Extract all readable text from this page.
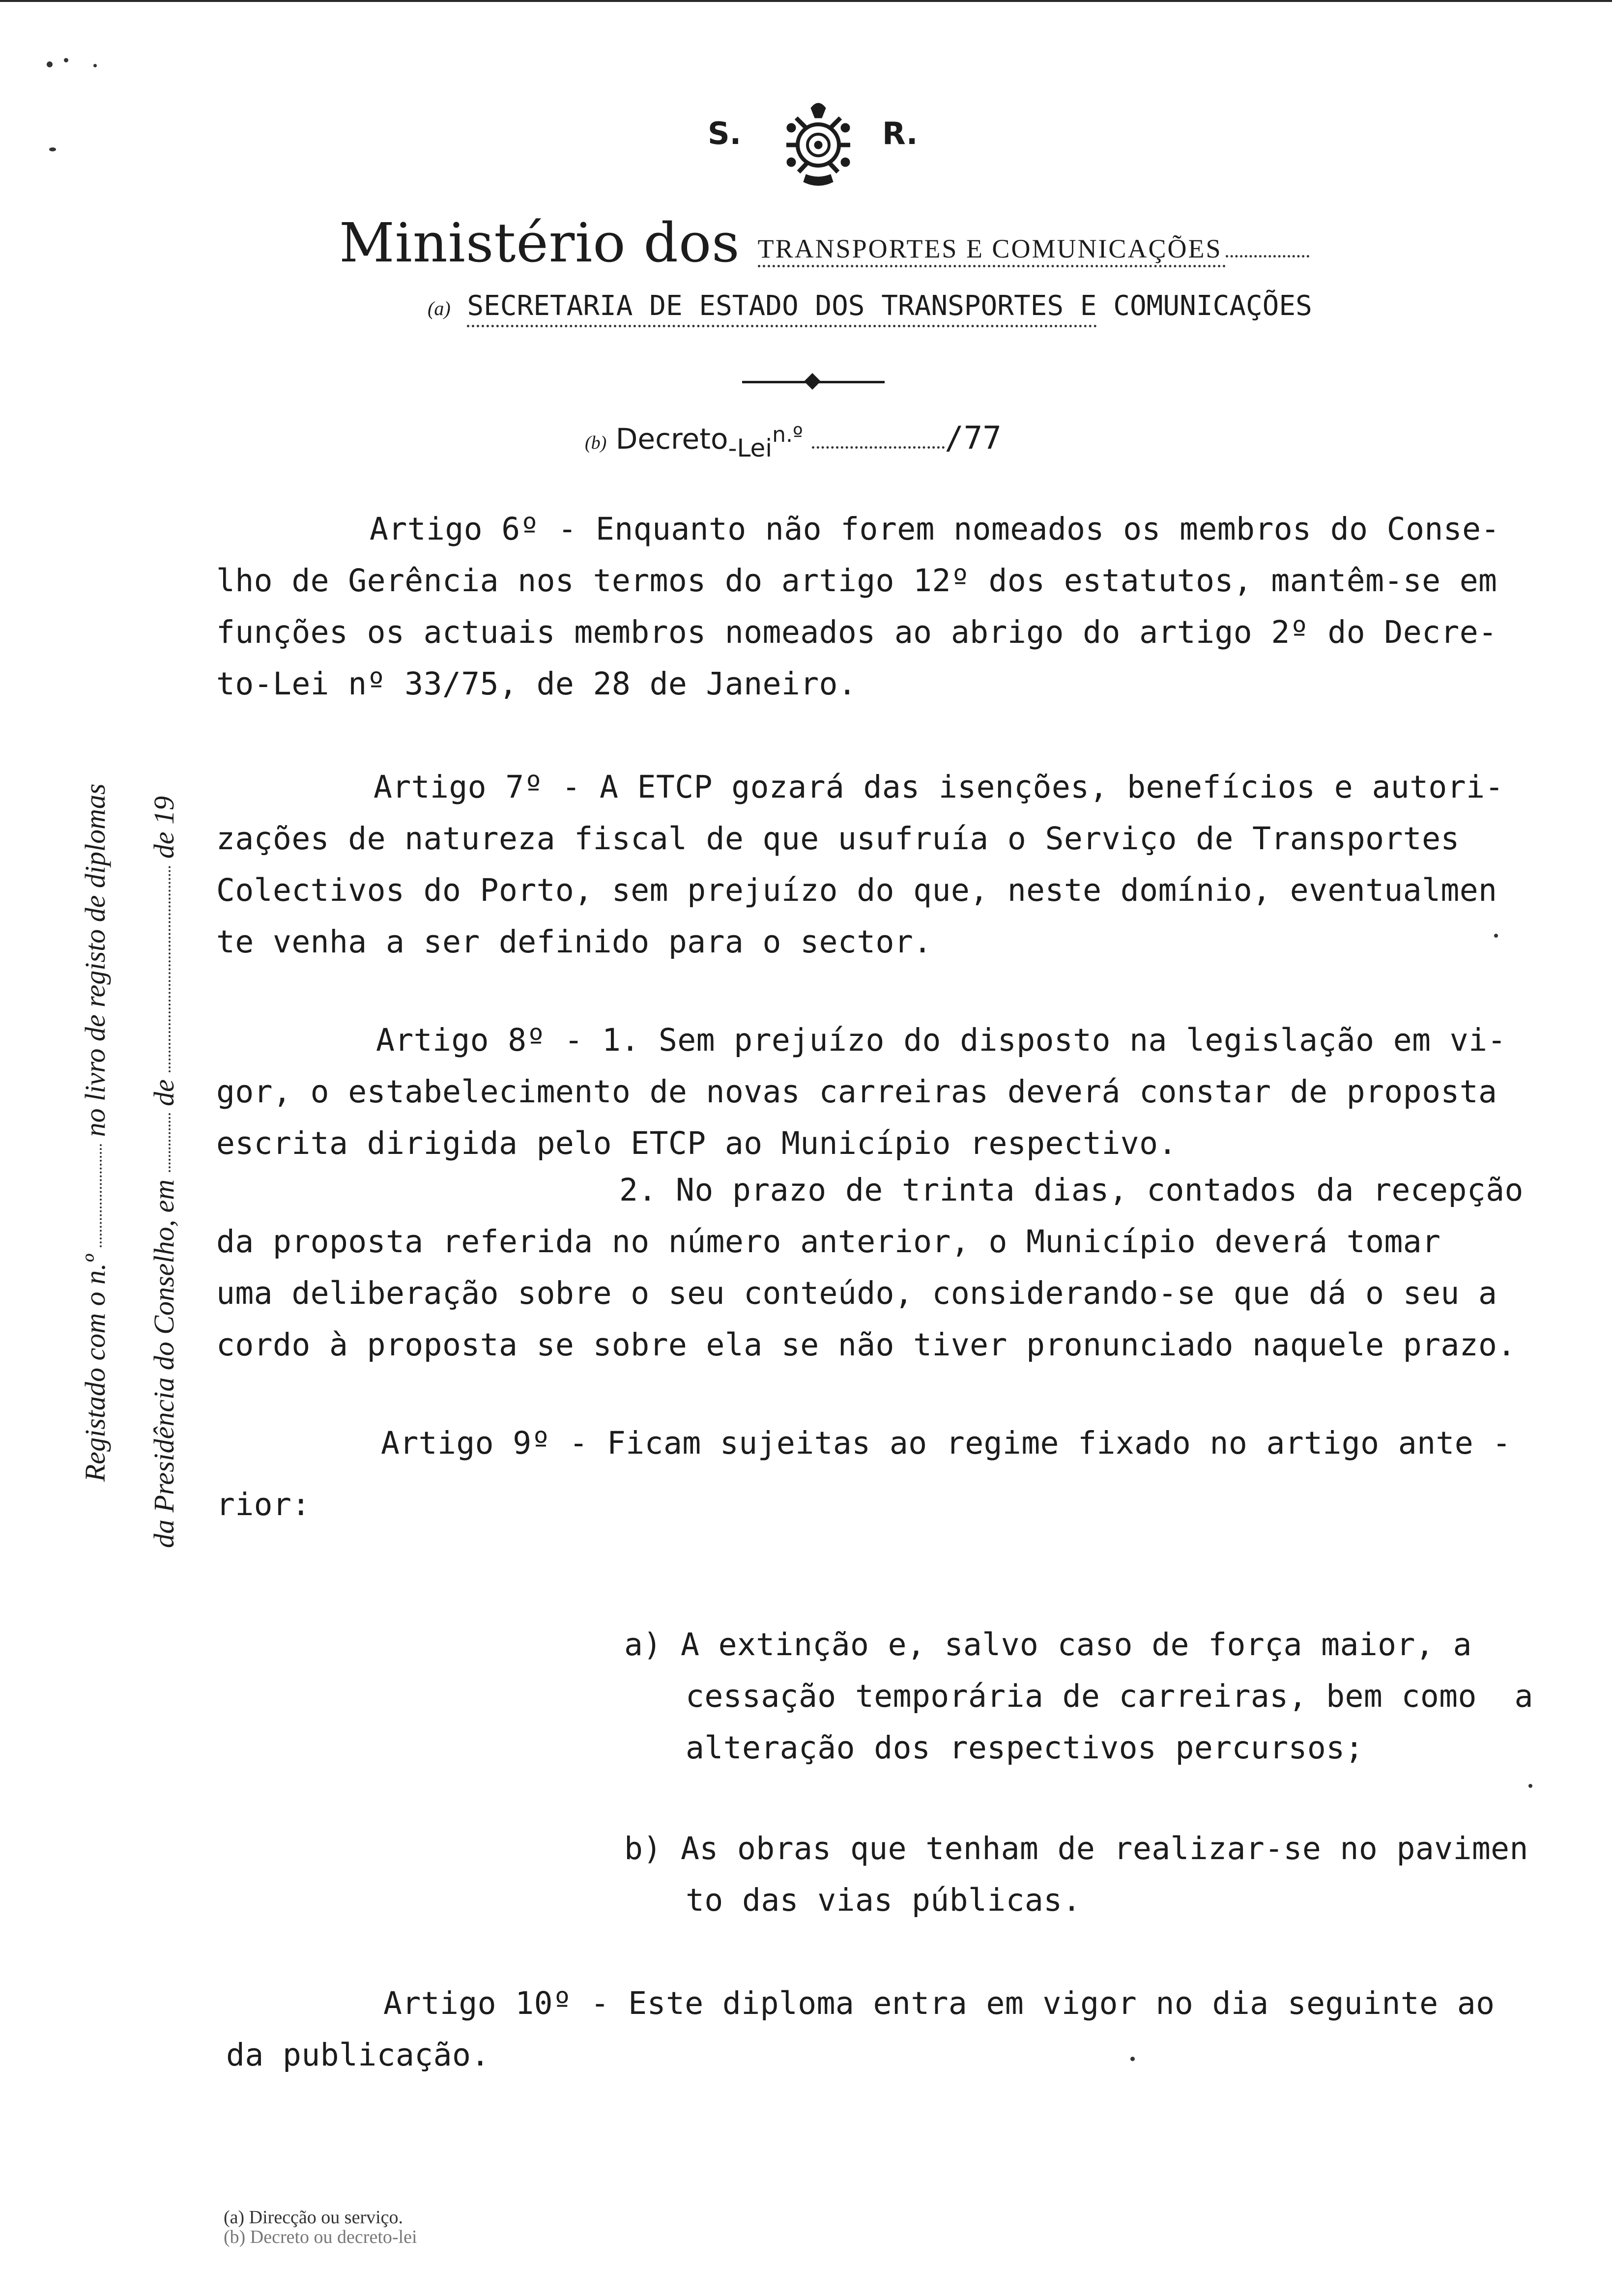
S.	R.
Ministério dos TRANSPORTES E COMUNICAÇÕES
(a) SECRETARIA DE ESTADO DOS TRANSPORTES E COMUNICAÇÕES
(b) Decreto-Lei$^{n.º}$	/77
Artigo 6º - Enquanto não forem nomeados os membros do Conse-
lho de Gerência nos termos do artigo 12º dos estatutos, mantêm-se em
funções os actuais membros nomeados ao abrigo do artigo 2º do Decre-
to-Lei nº 33/75, de 28 de Janeiro.
Artigo 7º - A ETCP gozará das isenções, benefícios e autori-
zações de natureza fiscal de que usufruía o Serviço de Transportes
Colectivos do Porto, sem prejuízo do que, neste domínio, eventualmen
te venha a ser definido para o sector.
Artigo 8º - 1. Sem prejuízo do disposto na legislação em vi-
gor, o estabelecimento de novas carreiras deverá constar de proposta
escrita dirigida pelo ETCP ao Município respectivo.
2. No prazo de trinta dias, contados da recepção
da proposta referida no número anterior, o Município deverá tomar
uma deliberação sobre o seu conteúdo, considerando-se que dá o seu a
cordo à proposta se sobre ela se não tiver pronunciado naquele prazo.
Artigo 9º - Ficam sujeitas ao regime fixado no artigo ante -
rior:
a) A extinção e, salvo caso de força maior, a
cessação temporária de carreiras, bem como  a
alteração dos respectivos percursos;
b) As obras que tenham de realizar-se no pavimen
to das vias públicas.
Artigo 10º - Este diploma entra em vigor no dia seguinte ao
da publicação.
Registado com o n.º  no livro de registo de diplomas
da Presidência do Conselho, em  de  de 19
(a) Direcção ou serviço.
(b) Decreto ou decreto-lei
